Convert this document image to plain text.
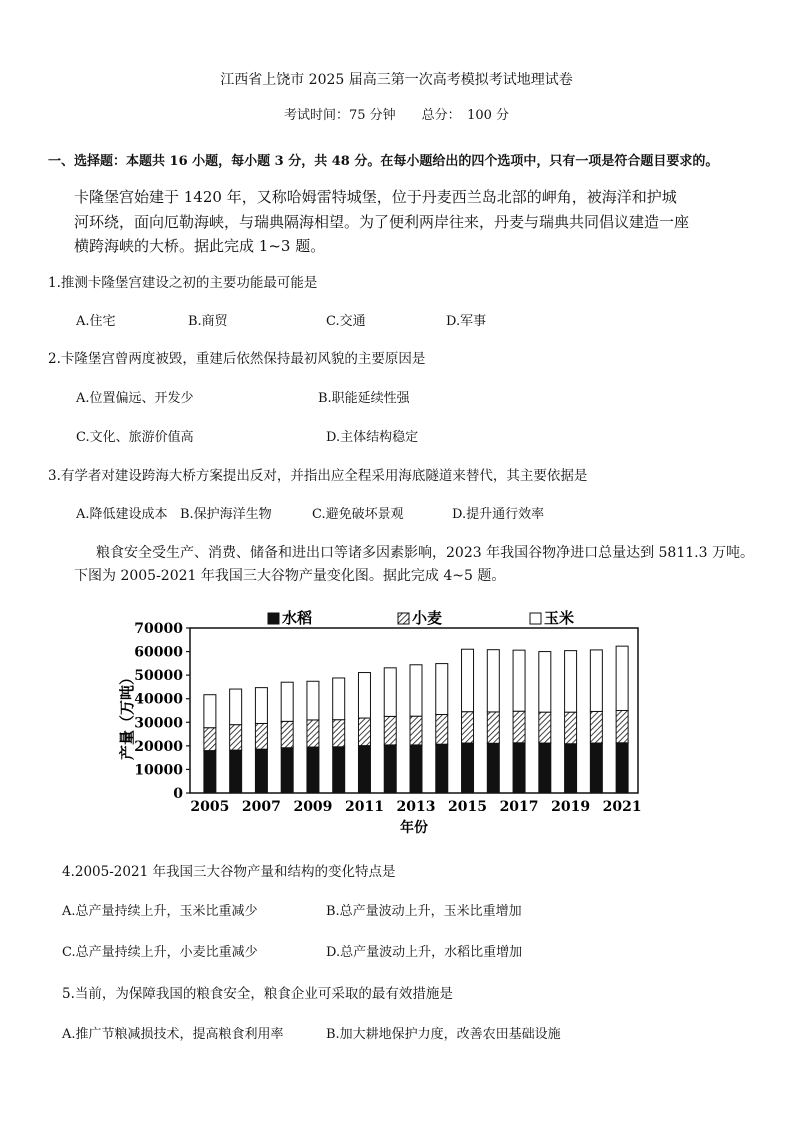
江西省上饶市 2025 届高三第一次高考模拟考试地理试卷
考试时间：75 分钟　　总分：　100 分
一、选择题：本题共 16 小题，每小题 3 分，共 48 分。在每小题给出的四个选项中，只有一项是符合题目要求的。
卡隆堡宫始建于 1420 年，又称哈姆雷特城堡，位于丹麦西兰岛北部的岬角，被海洋和护城
河环绕，面向厄勒海峡，与瑞典隔海相望。为了便利两岸往来，丹麦与瑞典共同倡议建造一座
横跨海峡的大桥。据此完成 1~3 题。
1.推测卡隆堡宫建设之初的主要功能最可能是
A.住宅	B.商贸	C.交通	D.军事
2.卡隆堡宫曾两度被毁，重建后依然保持最初风貌的主要原因是
A.位置偏远、开发少	B.职能延续性强
C.文化、旅游价值高	D.主体结构稳定
3.有学者对建设跨海大桥方案提出反对，并指出应全程采用海底隧道来替代，其主要依据是
A.降低建设成本 B.保护海洋生物	C.避免破坏景观	D.提升通行效率
粮食安全受生产、消费、储备和进出口等诸多因素影响，2023 年我国谷物净进口总量达到 5811.3 万吨。
下图为 2005-2021 年我国三大谷物产量变化图。据此完成 4~5 题。
水稻	小麦	玉米
0
10000
20000
30000
40000
50000
60000
70000
2005 2007 2009 2011 2013 2015 2017 2019 2021
产量（万吨）
年份
4.2005-2021 年我国三大谷物产量和结构的变化特点是
A.总产量持续上升，玉米比重减少	B.总产量波动上升，玉米比重增加
C.总产量持续上升，小麦比重减少	D.总产量波动上升，水稻比重增加
5.当前，为保障我国的粮食安全，粮食企业可采取的最有效措施是
A.推广节粮减损技术，提高粮食利用率	B.加大耕地保护力度，改善农田基础设施
